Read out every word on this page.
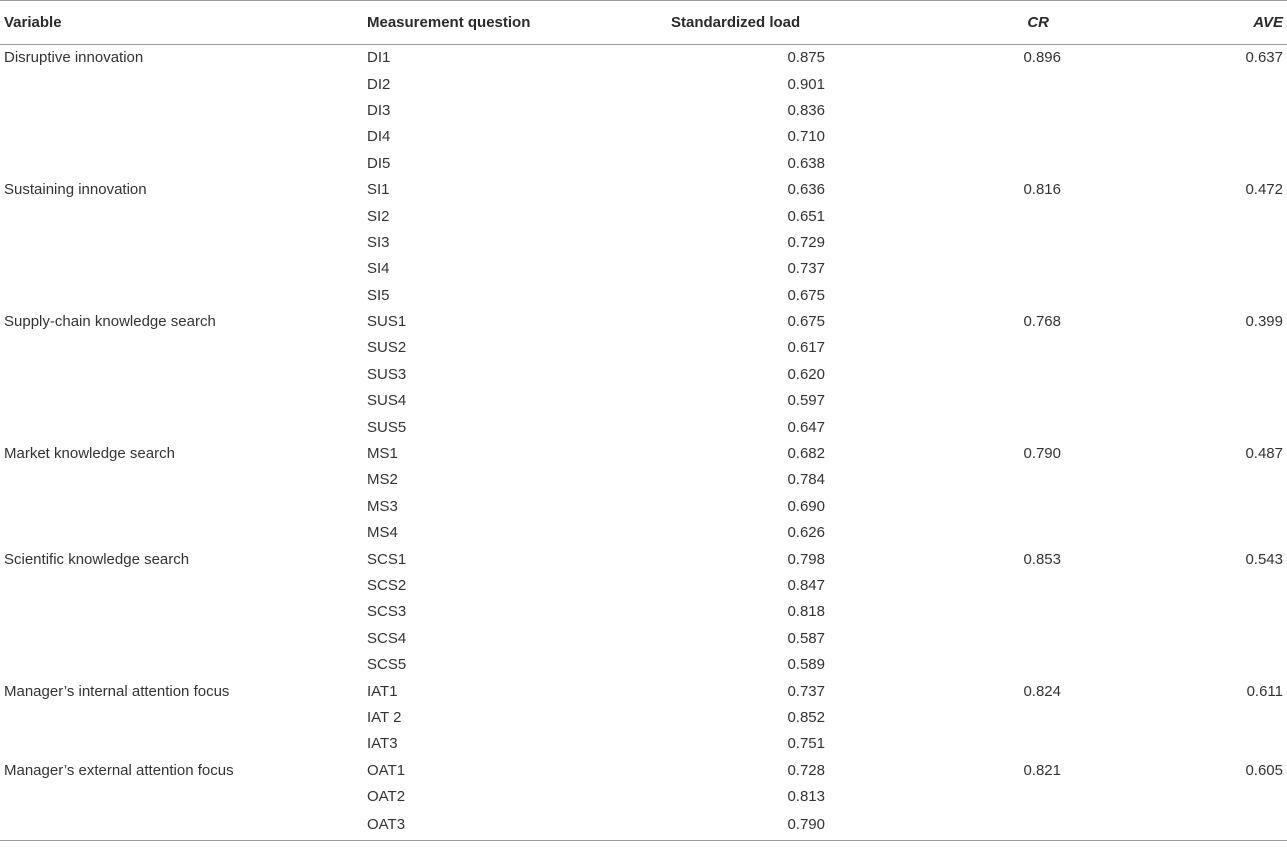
Variable	Measurement question	Standardized load	CR	AVE
Disruptive innovation	DI1	0.875	0.896	0.637
	DI2	0.901		
	DI3	0.836		
	DI4	0.710		
	DI5	0.638		
Sustaining innovation	SI1	0.636	0.816	0.472
	SI2	0.651		
	SI3	0.729		
	SI4	0.737		
	SI5	0.675		
Supply-chain knowledge search	SUS1	0.675	0.768	0.399
	SUS2	0.617		
	SUS3	0.620		
	SUS4	0.597		
	SUS5	0.647		
Market knowledge search	MS1	0.682	0.790	0.487
	MS2	0.784		
	MS3	0.690		
	MS4	0.626		
Scientific knowledge search	SCS1	0.798	0.853	0.543
	SCS2	0.847		
	SCS3	0.818		
	SCS4	0.587		
	SCS5	0.589		
Manager’s internal attention focus	IAT1	0.737	0.824	0.611
	IAT 2	0.852		
	IAT3	0.751		
Manager’s external attention focus	OAT1	0.728	0.821	0.605
	OAT2	0.813		
	OAT3	0.790		
